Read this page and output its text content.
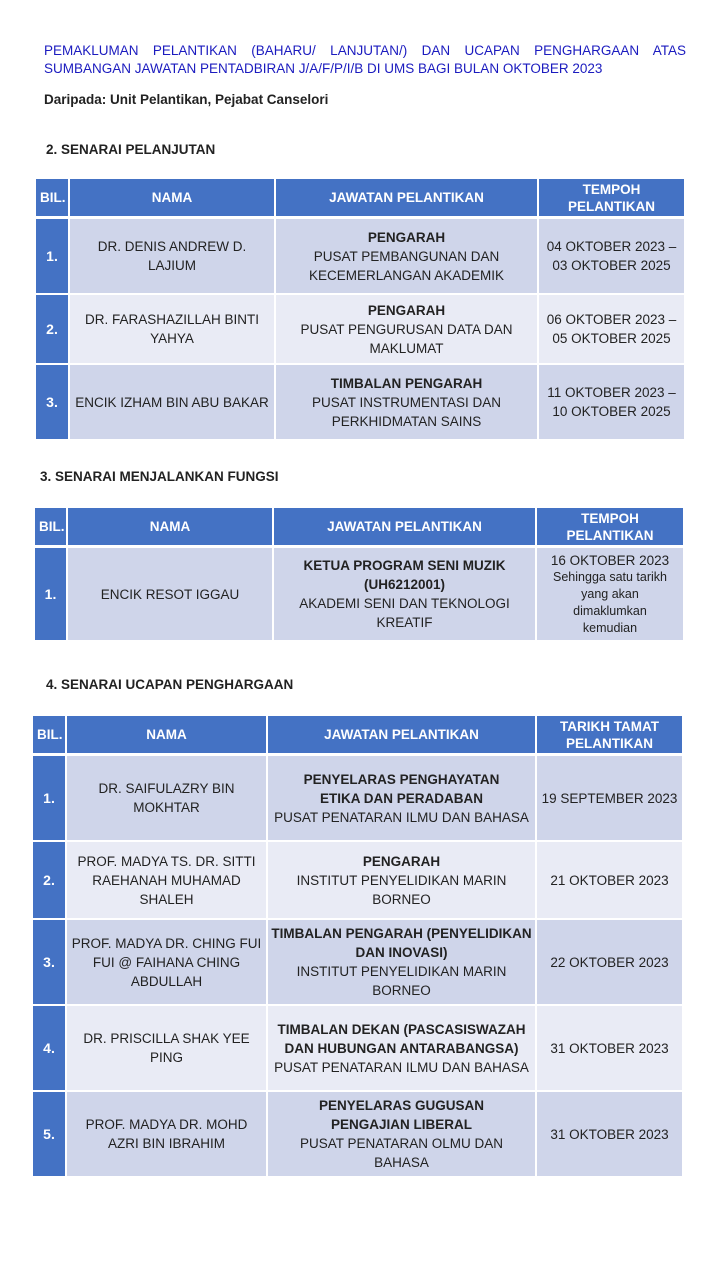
PEMAKLUMAN PELANTIKAN (BAHARU/ LANJUTAN/) DAN UCAPAN PENGHARGAAN ATAS SUMBANGAN JAWATAN PENTADBIRAN J/A/F/P/I/B DI UMS BAGI BULAN OKTOBER 2023
Daripada: Unit Pelantikan, Pejabat Canselori
2. SENARAI PELANJUTAN
BIL.	NAMA	JAWATAN PELANTIKAN	TEMPOH PELANTIKAN
1.	DR. DENIS ANDREW D. LAJIUM	PENGARAH
PUSAT PEMBANGUNAN DAN KECEMERLANGAN AKADEMIK	04 OKTOBER 2023 – 03 OKTOBER 2025
2.	DR. FARASHAZILLAH BINTI YAHYA	PENGARAH
PUSAT PENGURUSAN DATA DAN MAKLUMAT	06 OKTOBER 2023 – 05 OKTOBER 2025
3.	ENCIK IZHAM BIN ABU BAKAR	TIMBALAN PENGARAH
PUSAT INSTRUMENTASI DAN PERKHIDMATAN SAINS	11 OKTOBER 2023 – 10 OKTOBER 2025
3. SENARAI MENJALANKAN FUNGSI
BIL.	NAMA	JAWATAN PELANTIKAN	TEMPOH PELANTIKAN
1.	ENCIK RESOT IGGAU	KETUA PROGRAM SENI MUZIK (UH6212001)
AKADEMI SENI DAN TEKNOLOGI KREATIF	16 OKTOBER 2023
Sehingga satu tarikh yang akan dimaklumkan kemudian
4. SENARAI UCAPAN PENGHARGAAN
BIL.	NAMA	JAWATAN PELANTIKAN	TARIKH TAMAT PELANTIKAN
1.	DR. SAIFULAZRY BIN MOKHTAR	PENYELARAS PENGHAYATAN ETIKA DAN PERADABAN
PUSAT PENATARAN ILMU DAN BAHASA	19 SEPTEMBER 2023
2.	PROF. MADYA TS. DR. SITTI RAEHANAH MUHAMAD SHALEH	PENGARAH
INSTITUT PENYELIDIKAN MARIN BORNEO	21 OKTOBER 2023
3.	PROF. MADYA DR. CHING FUI FUI @ FAIHANA CHING ABDULLAH	TIMBALAN PENGARAH (PENYELIDIKAN DAN INOVASI)
INSTITUT PENYELIDIKAN MARIN BORNEO	22 OKTOBER 2023
4.	DR. PRISCILLA SHAK YEE PING	TIMBALAN DEKAN (PASCASISWAZAH DAN HUBUNGAN ANTARABANGSA)
PUSAT PENATARAN ILMU DAN BAHASA	31 OKTOBER 2023
5.	PROF. MADYA DR. MOHD AZRI BIN IBRAHIM	PENYELARAS GUGUSAN PENGAJIAN LIBERAL
PUSAT PENATARAN OLMU DAN BAHASA	31 OKTOBER 2023
